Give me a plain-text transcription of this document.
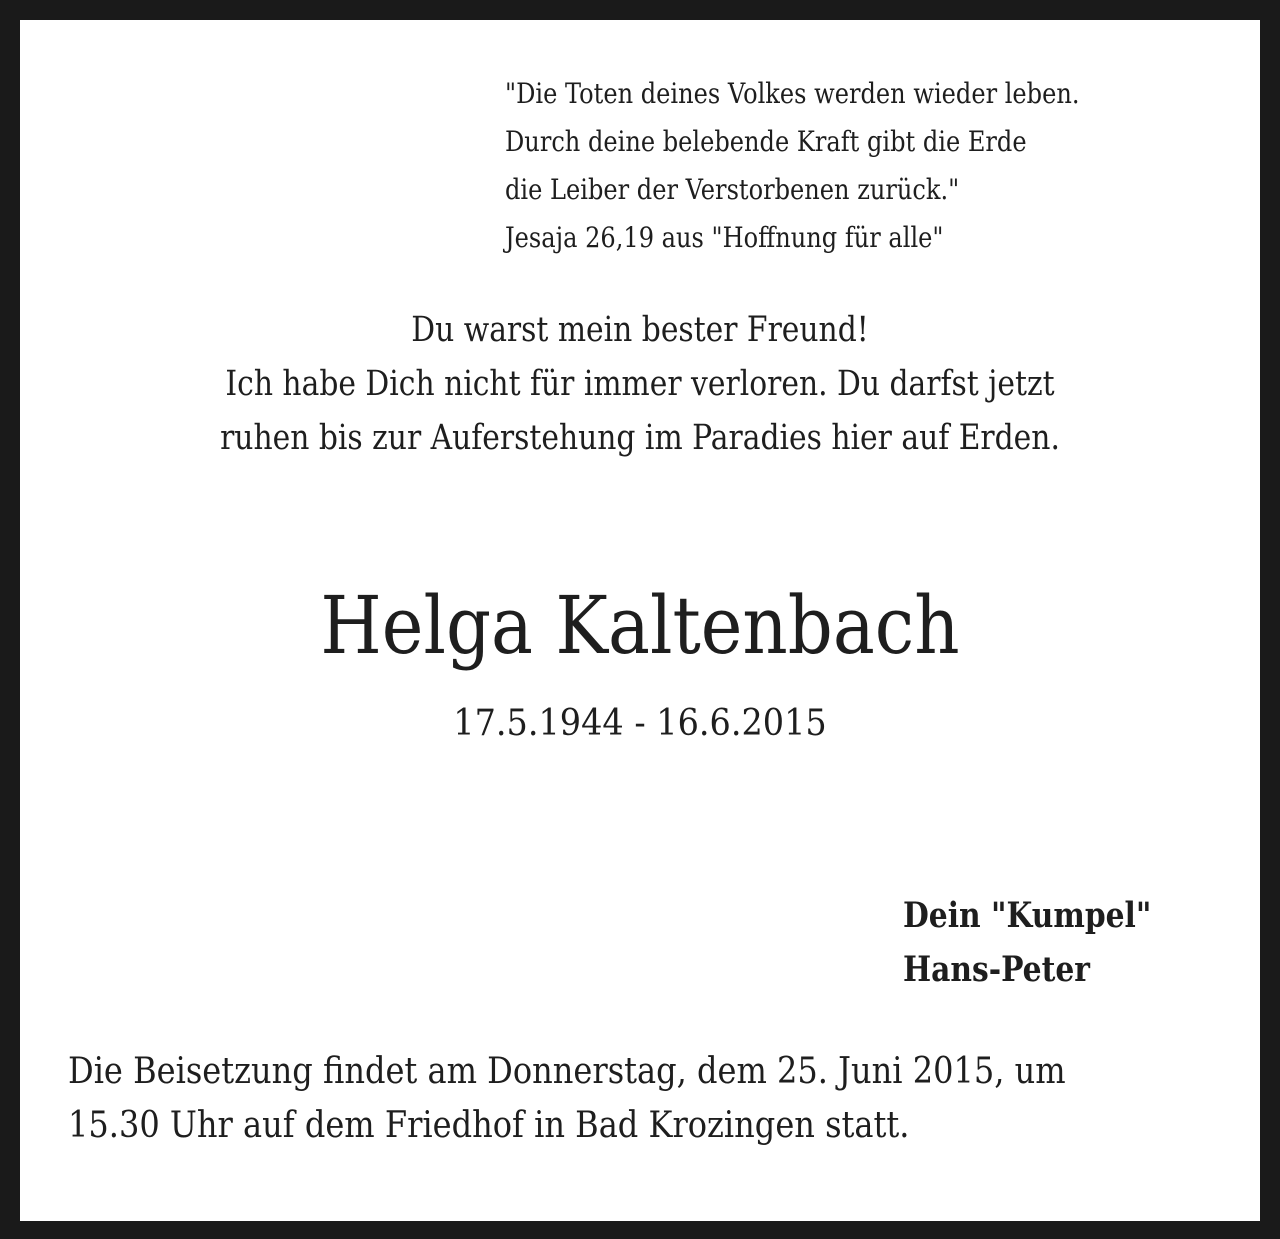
"Die Toten deines Volkes werden wieder leben.
Durch deine belebende Kraft gibt die Erde
die Leiber der Verstorbenen zurück."
Jesaja 26,19 aus "Hoffnung für alle"
Du warst mein bester Freund!
Ich habe Dich nicht für immer verloren. Du darfst jetzt
ruhen bis zur Auferstehung im Paradies hier auf Erden.
Helga Kaltenbach
17.5.1944 - 16.6.2015
Dein "Kumpel"
Hans-Peter
Die Beisetzung findet am Donnerstag, dem 25. Juni 2015, um
15.30 Uhr auf dem Friedhof in Bad Krozingen statt.
